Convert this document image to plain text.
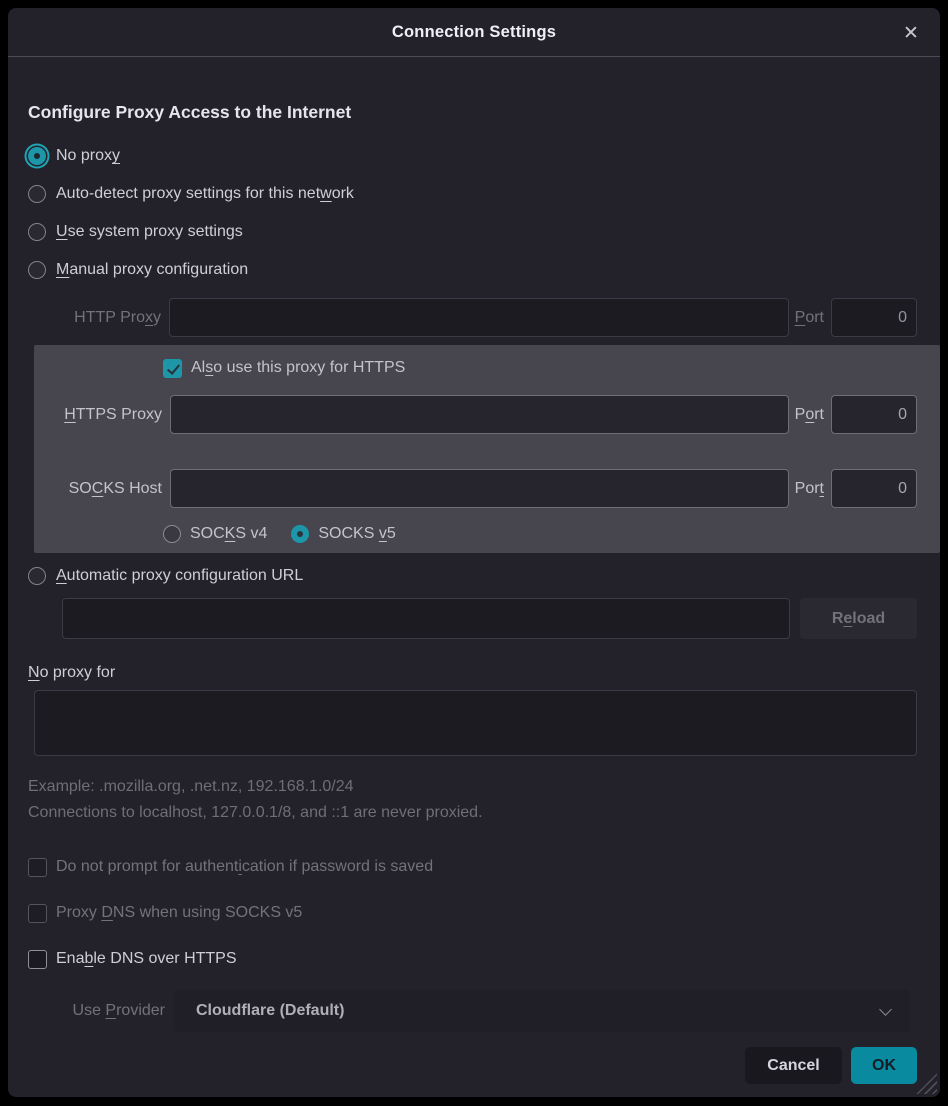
Connection Settings	✕
Configure Proxy Access to the Internet
No proxy
Auto-detect proxy settings for this network
Use system proxy settings
Manual proxy configuration
HTTP Proxy	Port
0
Also use this proxy for HTTPS
HTTPS Proxy	Port
0
SOCKS Host	Port
0
SOCKS v4	SOCKS v5
Automatic proxy configuration URL
Reload
No proxy for
Example: .mozilla.org, .net.nz, 192.168.1.0/24
Connections to localhost, 127.0.0.1/8, and ::1 are never proxied.
Do not prompt for authentication if password is saved
Proxy DNS when using SOCKS v5
Enable DNS over HTTPS
Use Provider Cloudflare (Default)
Cancel	OK
